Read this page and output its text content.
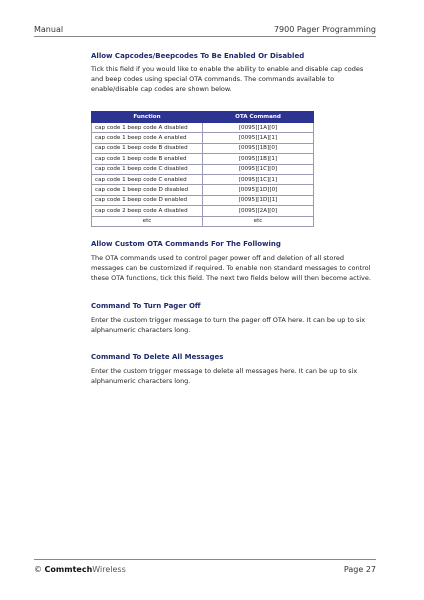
Manual	7900 Pager Programming
Allow Capcodes/Beepcodes To Be Enabled Or Disabled

Tick this field if you would like to enable the ability to enable and disable cap codes and beep codes using special OTA commands. The commands available to enable/disable cap codes are shown below.

Function	OTA Command
cap code 1 beep code A disabled	[0095][1A][0]
cap code 1 beep code A enabled	[0095][1A][1]
cap code 1 beep code B disabled	[0095][1B][0]
cap code 1 beep code B enabled	[0095][1B][1]
cap code 1 beep code C disabled	[0095][1C][0]
cap code 1 beep code C enabled	[0095][1C][1]
cap code 1 beep code D disabled	[0095][1D][0]
cap code 1 beep code D enabled	[0095][1D][1]
cap code 2 beep code A disabled	[0095][2A][0]
etc	etc
Allow Custom OTA Commands For The Following

The OTA commands used to control pager power off and deletion of all stored messages can be customized if required. To enable non standard messages to control these OTA functions, tick this field. The next two fields below will then become active.

Command To Turn Pager Off

Enter the custom trigger message to turn the pager off OTA here. It can be up to six alphanumeric characters long.

Command To Delete All Messages

Enter the custom trigger message to delete all messages here. It can be up to six alphanumeric characters long.

© CommtechWireless	Page 27
